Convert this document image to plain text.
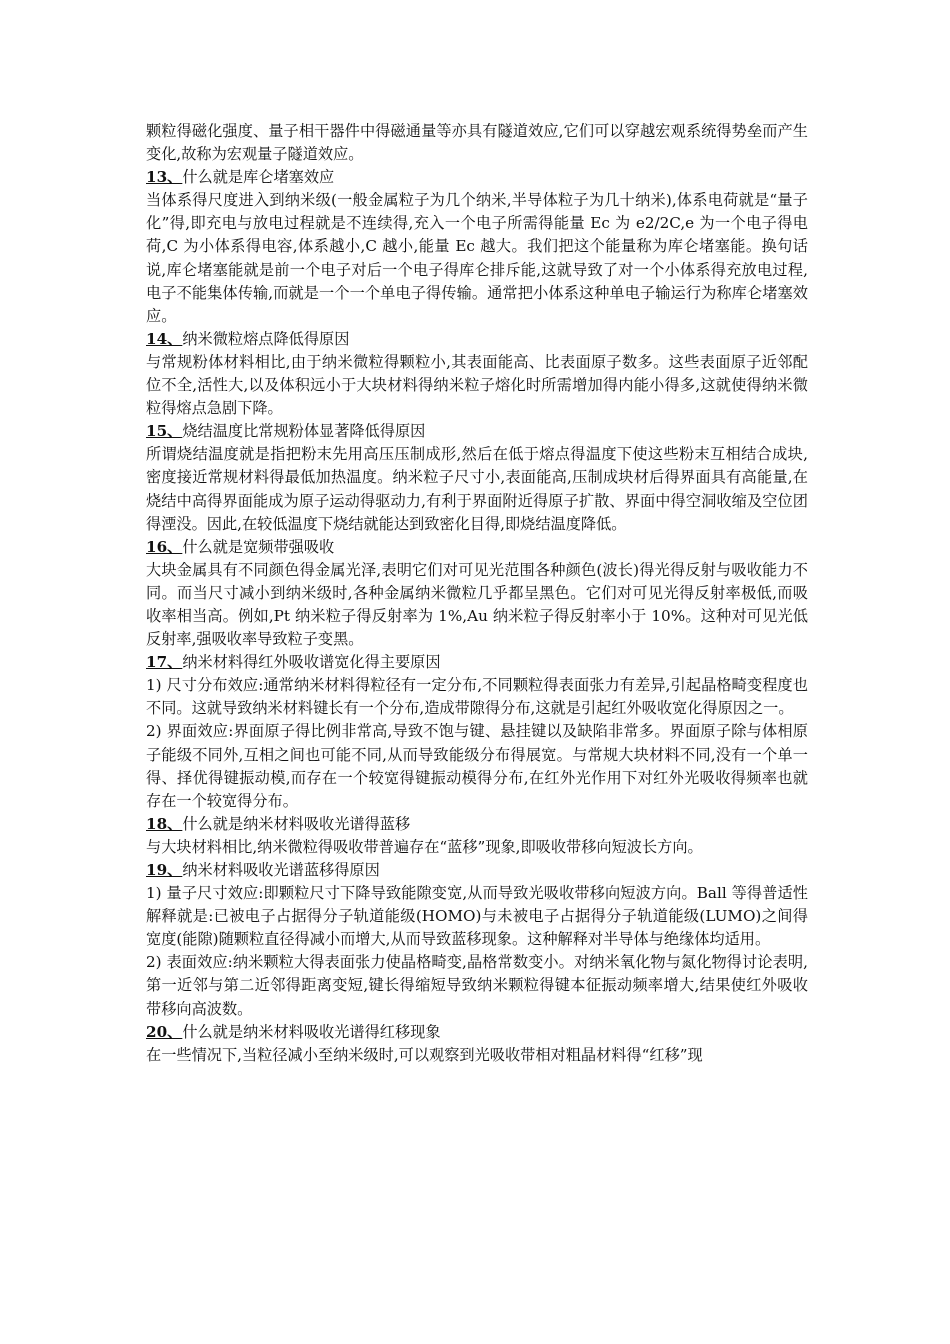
颗粒得磁化强度、量子相干器件中得磁通量等亦具有隧道效应,它们可以穿越宏观系统得势垒而产生变化,故称为宏观量子隧道效应。

13、什么就是库仑堵塞效应

当体系得尺度进入到纳米级(一般金属粒子为几个纳米,半导体粒子为几十纳米),体系电荷就是“量子化”得,即充电与放电过程就是不连续得,充入一个电子所需得能量 Ec 为 e2/2C,e 为一个电子得电荷,C 为小体系得电容,体系越小,C 越小,能量 Ec 越大。我们把这个能量称为库仑堵塞能。换句话说,库仑堵塞能就是前一个电子对后一个电子得库仑排斥能,这就导致了对一个小体系得充放电过程,电子不能集体传输,而就是一个一个单电子得传输。通常把小体系这种单电子输运行为称库仑堵塞效应。

14、纳米微粒熔点降低得原因

与常规粉体材料相比,由于纳米微粒得颗粒小,其表面能高、比表面原子数多。这些表面原子近邻配位不全,活性大,以及体积远小于大块材料得纳米粒子熔化时所需增加得内能小得多,这就使得纳米微粒得熔点急剧下降。

15、烧结温度比常规粉体显著降低得原因

所谓烧结温度就是指把粉末先用高压压制成形,然后在低于熔点得温度下使这些粉末互相结合成块,密度接近常规材料得最低加热温度。纳米粒子尺寸小,表面能高,压制成块材后得界面具有高能量,在烧结中高得界面能成为原子运动得驱动力,有利于界面附近得原子扩散、界面中得空洞收缩及空位团得湮没。因此,在较低温度下烧结就能达到致密化目得,即烧结温度降低。

16、什么就是宽频带强吸收

大块金属具有不同颜色得金属光泽,表明它们对可见光范围各种颜色(波长)得光得反射与吸收能力不同。而当尺寸减小到纳米级时,各种金属纳米微粒几乎都呈黑色。它们对可见光得反射率极低,而吸收率相当高。例如,Pt 纳米粒子得反射率为 1%,Au 纳米粒子得反射率小于 10%。这种对可见光低反射率,强吸收率导致粒子变黑。

17、纳米材料得红外吸收谱宽化得主要原因

1) 尺寸分布效应:通常纳米材料得粒径有一定分布,不同颗粒得表面张力有差异,引起晶格畸变程度也不同。这就导致纳米材料键长有一个分布,造成带隙得分布,这就是引起红外吸收宽化得原因之一。

2) 界面效应:界面原子得比例非常高,导致不饱与键、悬挂键以及缺陷非常多。界面原子除与体相原子能级不同外,互相之间也可能不同,从而导致能级分布得展宽。与常规大块材料不同,没有一个单一得、择优得键振动模,而存在一个较宽得键振动模得分布,在红外光作用下对红外光吸收得频率也就存在一个较宽得分布。

18、什么就是纳米材料吸收光谱得蓝移

与大块材料相比,纳米微粒得吸收带普遍存在“蓝移”现象,即吸收带移向短波长方向。

19、纳米材料吸收光谱蓝移得原因

1) 量子尺寸效应:即颗粒尺寸下降导致能隙变宽,从而导致光吸收带移向短波方向。Ball 等得普适性解释就是:已被电子占据得分子轨道能级(HOMO)与未被电子占据得分子轨道能级(LUMO)之间得宽度(能隙)随颗粒直径得减小而增大,从而导致蓝移现象。这种解释对半导体与绝缘体均适用。

2) 表面效应:纳米颗粒大得表面张力使晶格畸变,晶格常数变小。对纳米氧化物与氮化物得讨论表明,第一近邻与第二近邻得距离变短,键长得缩短导致纳米颗粒得键本征振动频率增大,结果使红外吸收带移向高波数。

20、什么就是纳米材料吸收光谱得红移现象

在一些情况下,当粒径减小至纳米级时,可以观察到光吸收带相对粗晶材料得“红移”现
